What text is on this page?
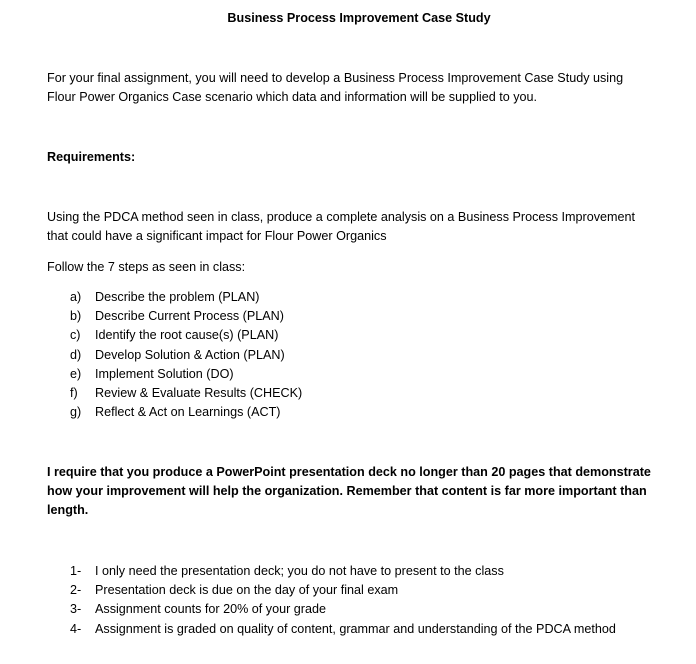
Business Process Improvement Case Study
For your final assignment, you will need to develop a Business Process Improvement Case Study using
Flour Power Organics Case scenario which data and information will be supplied to you.
Requirements:
Using the PDCA method seen in class, produce a complete analysis on a Business Process Improvement
that could have a significant impact for Flour Power Organics
Follow the 7 steps as seen in class:
a)	Describe the problem (PLAN)
b)	Describe Current Process (PLAN)
c)	Identify the root cause(s) (PLAN)
d)	Develop Solution & Action (PLAN)
e)	Implement Solution (DO)
f)	Review & Evaluate Results (CHECK)
g)	Reflect & Act on Learnings (ACT)
I require that you produce a PowerPoint presentation deck no longer than 20 pages that demonstrate
how your improvement will help the organization. Remember that content is far more important than
length.
1-	I only need the presentation deck; you do not have to present to the class
2-	Presentation deck is due on the day of your final exam
3-	Assignment counts for 20% of your grade
4-	Assignment is graded on quality of content, grammar and understanding of the PDCA method
